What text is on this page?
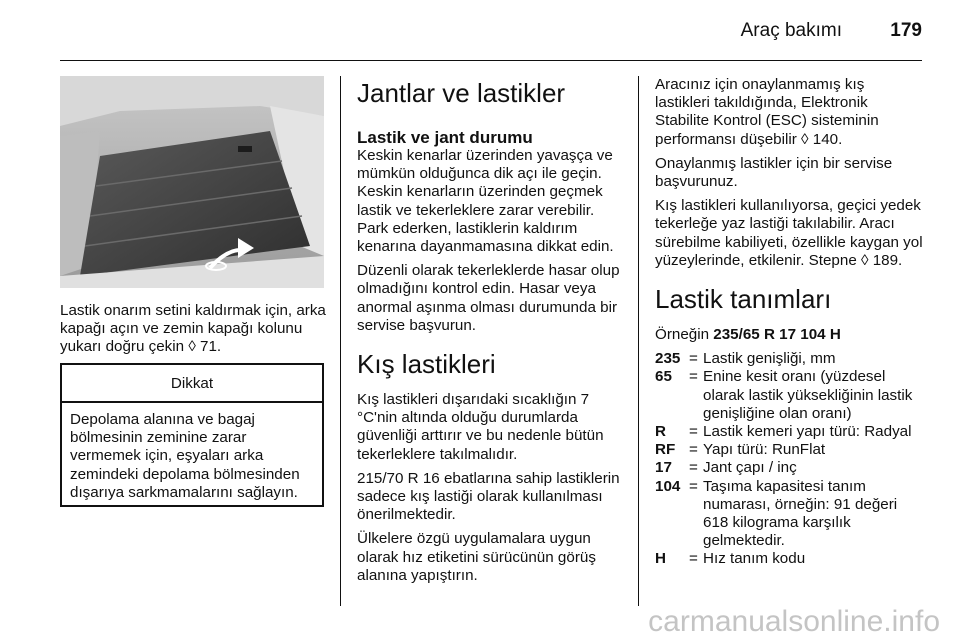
Araç bakımı	179

Lastik onarım setini kaldırmak için, arka kapağı açın ve zemin kapağı kolunu yukarı doğru çekin ◊ 71.

Dikkat
Depolama alanına ve bagaj bölmesinin zeminine zarar vermemek için, eşyaları arka zemindeki depolama bölmesinden dışarıya sarkmamalarını sağlayın.
Jantlar ve lastikler
Lastik ve jant durumu

Keskin kenarlar üzerinden yavaşça ve mümkün olduğunca dik açı ile geçin. Keskin kenarların üzerinden geçmek lastik ve tekerleklere zarar verebilir. Park ederken, lastiklerin kaldırım kenarına dayanmamasına dikkat edin.

Düzenli olarak tekerleklerde hasar olup olmadığını kontrol edin. Hasar veya anormal aşınma olması durumunda bir servise başvurun.

Kış lastikleri

Kış lastikleri dışarıdaki sıcaklığın 7 °C'nin altında olduğu durumlarda güvenliği arttırır ve bu nedenle bütün tekerleklere takılmalıdır.

215/70 R 16 ebatlarına sahip lastiklerin sadece kış lastiği olarak kullanılması önerilmektedir.

Ülkelere özgü uygulamalara uygun olarak hız etiketini sürücünün görüş alanına yapıştırın.

Aracınız için onaylanmamış kış lastikleri takıldığında, Elektronik Stabilite Kontrol (ESC) sisteminin performansı düşebilir ◊ 140.

Onaylanmış lastikler için bir servise başvurunuz.

Kış lastikleri kullanılıyorsa, geçici yedek tekerleğe yaz lastiği takılabilir. Aracı sürebilme kabiliyeti, özellikle kaygan yol yüzeylerinde, etkilenir. Stepne ◊ 189.

Lastik tanımları

Örneğin 235/65 R 17 104 H

235 = Lastik genişliği, mm
65	= Enine kesit oranı (yüzdesel olarak lastik yüksekliğinin lastik genişliğine olan oranı)
R	= Lastik kemeri yapı türü: Radyal
RF = Yapı türü: RunFlat
17	= Jant çapı / inç
104 = Taşıma kapasitesi tanım numarası, örneğin: 91 değeri 618 kilograma karşılık gelmektedir.
H	= Hız tanım kodu
carmanualsonline.info
